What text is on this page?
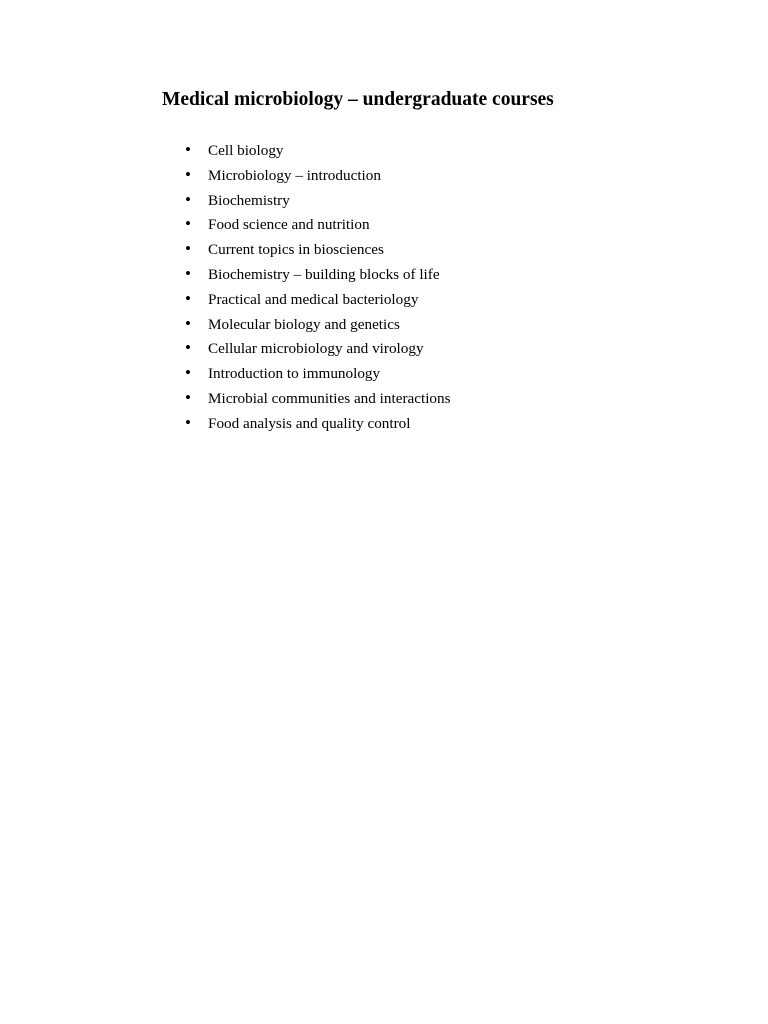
Medical microbiology – undergraduate courses
• Cell biology
• Microbiology – introduction
• Biochemistry
• Food science and nutrition
• Current topics in biosciences
• Biochemistry – building blocks of life
• Practical and medical bacteriology
• Molecular biology and genetics
• Cellular microbiology and virology
• Introduction to immunology
• Microbial communities and interactions
• Food analysis and quality control
